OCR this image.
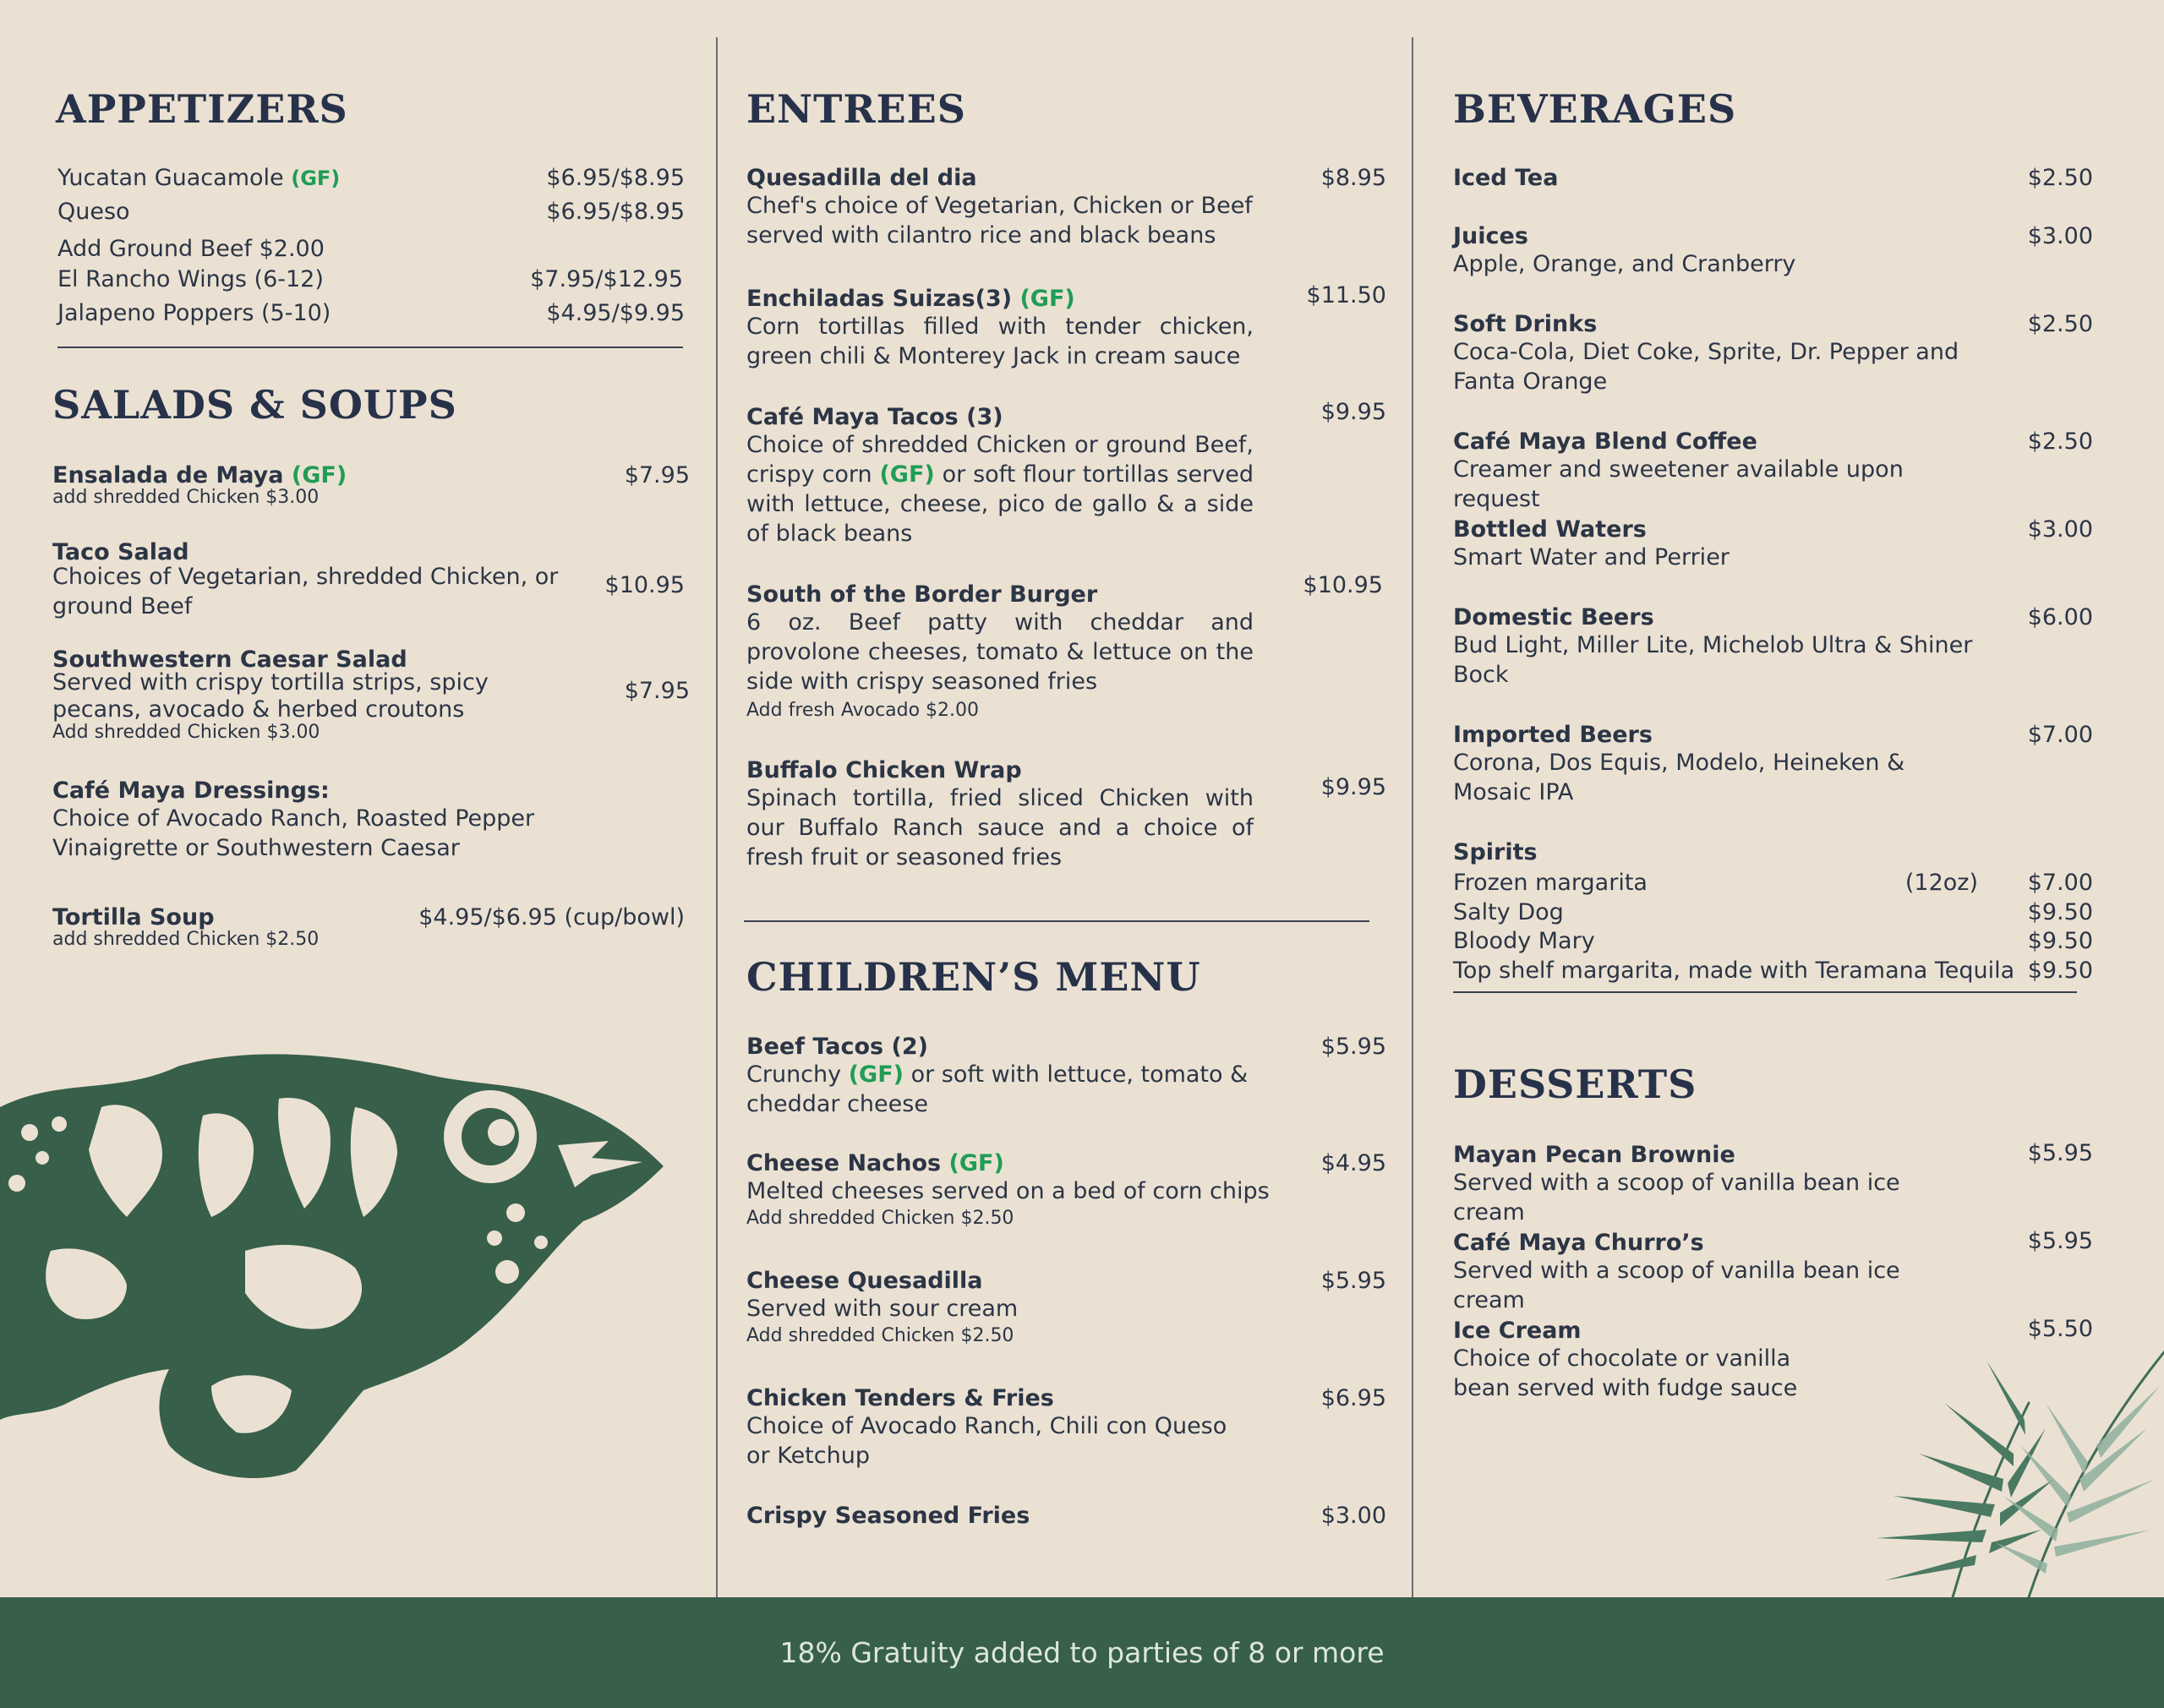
APPETIZERS
Yucatan Guacamole (GF)	$6.95/$8.95
Queso	$6.95/$8.95
Add Ground Beef $2.00
El Rancho Wings (6-12)	$7.95/$12.95
Jalapeno Poppers (5-10)	$4.95/$9.95
SALADS & SOUPS
Ensalada de Maya (GF)
add shredded Chicken $3.00
$7.95
Taco Salad
Choices of Vegetarian, shredded Chicken, or ground Beef
$10.95
Southwestern Caesar Salad
Served with crispy tortilla strips, spicy pecans, avocado & herbed croutons
Add shredded Chicken $3.00
$7.95
Café Maya Dressings:
Choice of Avocado Ranch, Roasted Pepper Vinaigrette or Southwestern Caesar
Tortilla Soup
add shredded Chicken $2.50
$4.95/$6.95 (cup/bowl)
ENTREES
Quesadilla del dia
Chef's choice of Vegetarian, Chicken or Beef served with cilantro rice and black beans
$8.95
Enchiladas Suizas(3) (GF)
Corn tortillas filled with tender chicken, green chili & Monterey Jack in cream sauce
$11.50
Café Maya Tacos (3)
Choice of shredded Chicken or ground Beef, crispy corn (GF) or soft flour tortillas served with lettuce, cheese, pico de gallo & a side of black beans
$9.95
South of the Border Burger
6 oz. Beef patty with cheddar and provolone cheeses, tomato & lettuce on the side with crispy seasoned fries
Add fresh Avocado $2.00
$10.95
Buffalo Chicken Wrap
Spinach tortilla, fried sliced Chicken with our Buffalo Ranch sauce and a choice of fresh fruit or seasoned fries
$9.95
CHILDREN’S MENU
Beef Tacos (2)
Crunchy (GF) or soft with lettuce, tomato & cheddar cheese
$5.95
Cheese Nachos (GF)
Melted cheeses served on a bed of corn chips
Add shredded Chicken $2.50
$4.95
Cheese Quesadilla
Served with sour cream
Add shredded Chicken $2.50
$5.95
Chicken Tenders & Fries
Choice of Avocado Ranch, Chili con Queso or Ketchup
$6.95
Crispy Seasoned Fries	$3.00
BEVERAGES
Iced Tea	$2.50
Juices
Apple, Orange, and Cranberry
$3.00
Soft Drinks
Coca-Cola, Diet Coke, Sprite, Dr. Pepper and Fanta Orange
$2.50
Café Maya Blend Coffee
Creamer and sweetener available upon request
$2.50
Bottled Waters
Smart Water and Perrier
$3.00
Domestic Beers
Bud Light, Miller Lite, Michelob Ultra & Shiner Bock
$6.00
Imported Beers
Corona, Dos Equis, Modelo, Heineken & Mosaic IPA
$7.00
Spirits
Frozen margarita	(12oz) $7.00
Salty Dog	$9.50
Bloody Mary	$9.50
Top shelf margarita, made with Teramana Tequila $9.50
DESSERTS
Mayan Pecan Brownie
Served with a scoop of vanilla bean ice cream
$5.95
Café Maya Churro’s
Served with a scoop of vanilla bean ice cream
$5.95
Ice Cream
Choice of chocolate or vanilla bean served with fudge sauce
$5.50
18% Gratuity added to parties of 8 or more
